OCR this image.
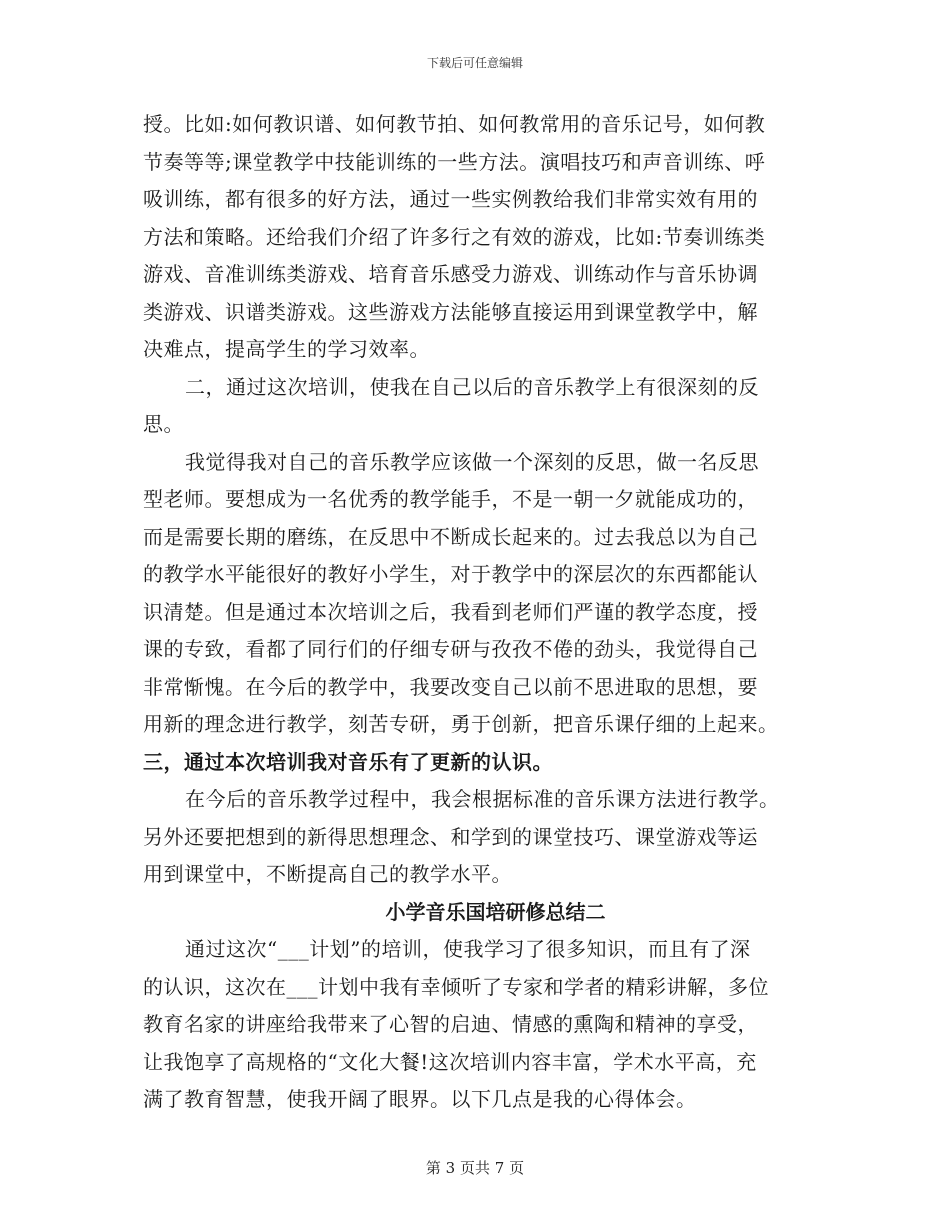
下载后可任意编辑

授。比如:如何教识谱、如何教节拍、如何教常用的音乐记号，如何教
节奏等等;课堂教学中技能训练的一些方法。演唱技巧和声音训练、呼
吸训练，都有很多的好方法，通过一些实例教给我们非常实效有用的
方法和策略。还给我们介绍了许多行之有效的游戏，比如:节奏训练类
游戏、音准训练类游戏、培育音乐感受力游戏、训练动作与音乐协调
类游戏、识谱类游戏。这些游戏方法能够直接运用到课堂教学中，解
决难点，提高学生的学习效率。

二，通过这次培训，使我在自己以后的音乐教学上有很深刻的反
思。

我觉得我对自己的音乐教学应该做一个深刻的反思，做一名反思
型老师。要想成为一名优秀的教学能手，不是一朝一夕就能成功的，
而是需要长期的磨练，在反思中不断成长起来的。过去我总以为自己
的教学水平能很好的教好小学生，对于教学中的深层次的东西都能认
识清楚。但是通过本次培训之后，我看到老师们严谨的教学态度，授
课的专致，看都了同行们的仔细专研与孜孜不倦的劲头，我觉得自己
非常惭愧。在今后的教学中，我要改变自己以前不思进取的思想，要
用新的理念进行教学，刻苦专研，勇于创新，把音乐课仔细的上起来。

三，通过本次培训我对音乐有了更新的认识。

在今后的音乐教学过程中，我会根据标准的音乐课方法进行教学。
另外还要把想到的新得思想理念、和学到的课堂技巧、课堂游戏等运
用到课堂中，不断提高自己的教学水平。

小学音乐国培研修总结二

通过这次“___计划”的培训，使我学习了很多知识，而且有了深
的认识，这次在___计划中我有幸倾听了专家和学者的精彩讲解，多位
教育名家的讲座给我带来了心智的启迪、情感的熏陶和精神的享受，
让我饱享了高规格的“文化大餐!这次培训内容丰富，学术水平高，充
满了教育智慧，使我开阔了眼界。以下几点是我的心得体会。

第 3 页共 7 页
